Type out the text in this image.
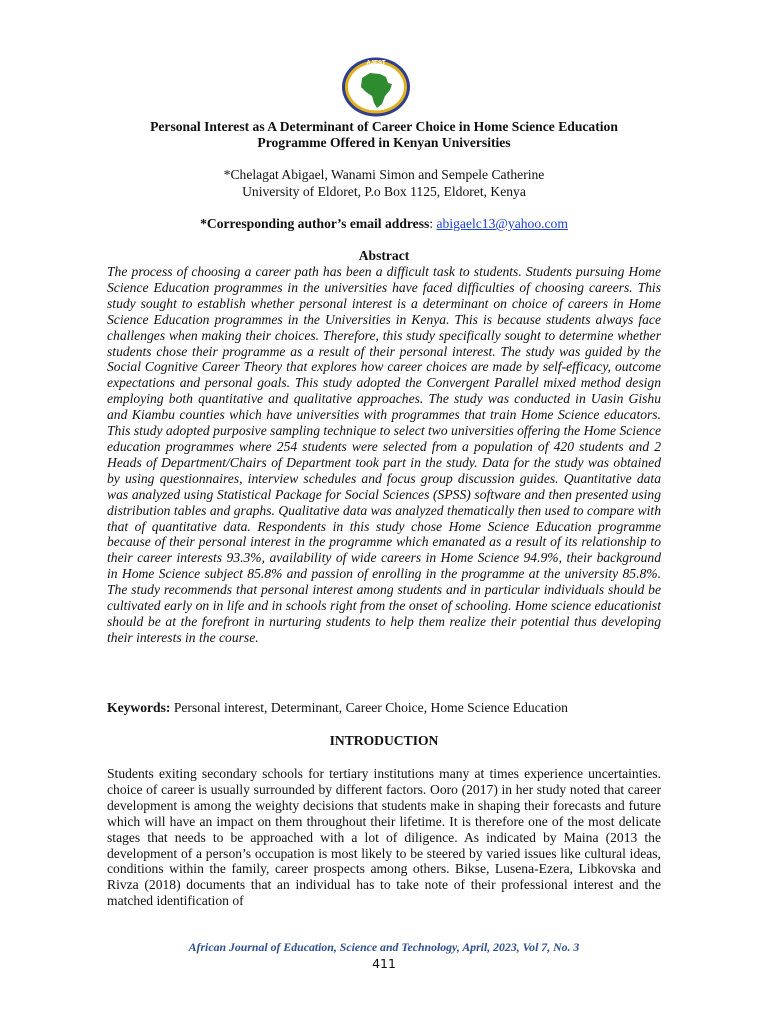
AJEST
Personal Interest as A Determinant of Career Choice in Home Science Education
Programme Offered in Kenyan Universities
*Chelagat Abigael, Wanami Simon and Sempele Catherine
University of Eldoret, P.o Box 1125, Eldoret, Kenya
*Corresponding author’s email address: abigaelc13@yahoo.com
Abstract

The process of choosing a career path has been a difficult task to students. Students pursuing Home Science Education programmes in the universities have faced difficulties of choosing careers. This study sought to establish whether personal interest is a determinant on choice of careers in Home Science Education programmes in the Universities in Kenya. This is because students always face challenges when making their choices. Therefore, this study specifically sought to determine whether students chose their programme as a result of their personal interest. The study was guided by the Social Cognitive Career Theory that explores how career choices are made by self-efficacy, outcome expectations and personal goals. This study adopted the Convergent Parallel mixed method design employing both quantitative and qualitative approaches. The study was conducted in Uasin Gishu and Kiambu counties which have universities with programmes that train Home Science educators. This study adopted purposive sampling technique to select two universities offering the Home Science education programmes where 254 students were selected from a population of 420 students and 2 Heads of Department/Chairs of Department took part in the study. Data for the study was obtained by using questionnaires, interview schedules and focus group discussion guides. Quantitative data was analyzed using Statistical Package for Social Sciences (SPSS) software and then presented using distribution tables and graphs. Qualitative data was analyzed thematically then used to compare with that of quantitative data. Respondents in this study chose Home Science Education programme because of their personal interest in the programme which emanated as a result of its relationship to their career interests 93.3%, availability of wide careers in Home Science 94.9%, their background in Home Science subject 85.8% and passion of enrolling in the programme at the university 85.8%. The study recommends that personal interest among students and in particular individuals should be cultivated early on in life and in schools right from the onset of schooling. Home science educationist should be at the forefront in nurturing students to help them realize their potential thus developing their interests in the course.

Keywords: Personal interest, Determinant, Career Choice, Home Science Education
INTRODUCTION

Students exiting secondary schools for tertiary institutions many at times experience uncertainties. choice of career is usually surrounded by different factors. Ooro (2017) in her study noted that career development is among the weighty decisions that students make in shaping their forecasts and future which will have an impact on them throughout their lifetime. It is therefore one of the most delicate stages that needs to be approached with a lot of diligence. As indicated by Maina (2013 the development of a person’s occupation is most likely to be steered by varied issues like cultural ideas, conditions within the family, career prospects among others. Bikse, Lusena-Ezera, Libkovska and Rivza (2018) documents that an individual has to take note of their professional interest and the matched identification of

African Journal of Education, Science and Technology, April, 2023, Vol 7, No. 3
411
